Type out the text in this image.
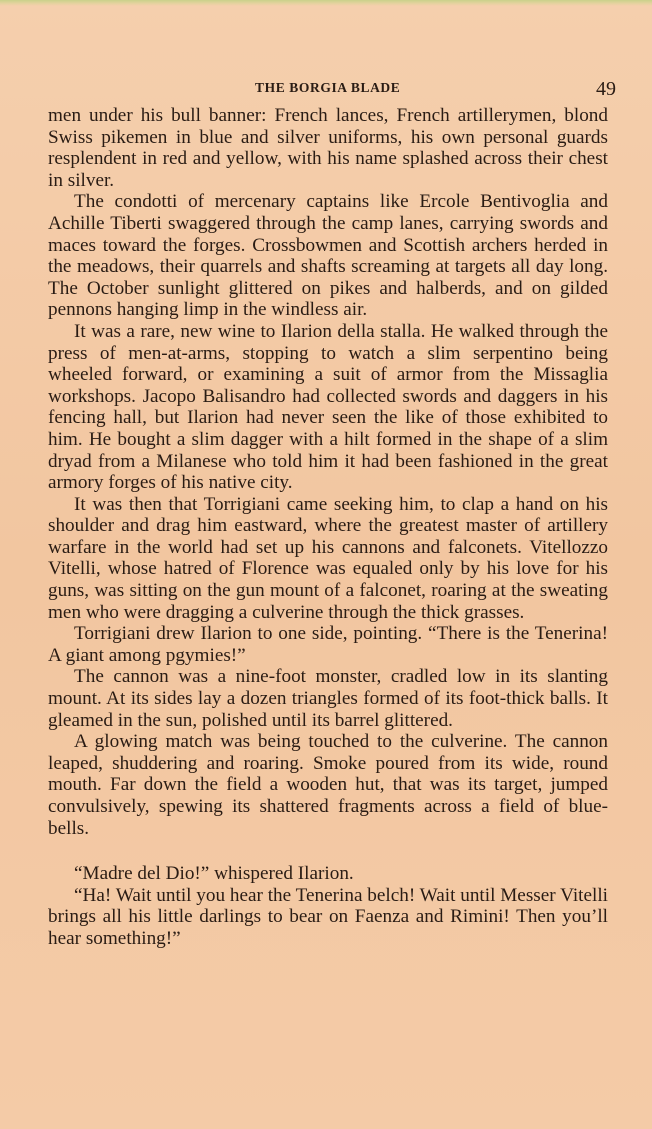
THE BORGIA BLADE	49

men under his bull banner: French lances, French artillerymen, blond Swiss pikemen in blue and silver uniforms, his own personal guards resplendent in red and yellow, with his name splashed across their chest in silver.

The condotti of mercenary captains like Ercole Bentivoglia and Achille Tiberti swaggered through the camp lanes, carrying swords and maces toward the forges. Crossbowmen and Scottish archers herded in the meadows, their quarrels and shafts screaming at targets all day long. The October sunlight glittered on pikes and halberds, and on gilded pennons hanging limp in the windless air.

It was a rare, new wine to Ilarion della stalla. He walked through the press of men-at-arms, stopping to watch a slim serpentino being wheeled forward, or examining a suit of armor from the Missaglia workshops. Jacopo Balisandro had collected swords and daggers in his fencing hall, but Ilarion had never seen the like of those exhibited to him. He bought a slim dagger with a hilt formed in the shape of a slim dryad from a Milanese who told him it had been fashioned in the great armory forges of his native city.

It was then that Torrigiani came seeking him, to clap a hand on his shoulder and drag him eastward, where the greatest master of artillery warfare in the world had set up his cannons and falconets. Vitellozzo Vitelli, whose hatred of Florence was equaled only by his love for his guns, was sitting on the gun mount of a falconet, roaring at the sweating men who were dragging a culverine through the thick grasses.

Torrigiani drew Ilarion to one side, pointing. “There is the Tenerina! A giant among pgymies!”

The cannon was a nine-foot monster, cradled low in its slanting mount. At its sides lay a dozen triangles formed of its foot-thick balls. It gleamed in the sun, polished until its barrel glittered.

A glowing match was being touched to the culverine. The cannon leaped, shuddering and roaring. Smoke poured from its wide, round mouth. Far down the field a wooden hut, that was its target, jumped convulsively, spewing its shattered fragments across a field of blue-bells.

“Madre del Dio!” whispered Ilarion.

“Ha! Wait until you hear the Tenerina belch! Wait until Messer Vitelli brings all his little darlings to bear on Faenza and Rimini! Then you’ll hear something!”
